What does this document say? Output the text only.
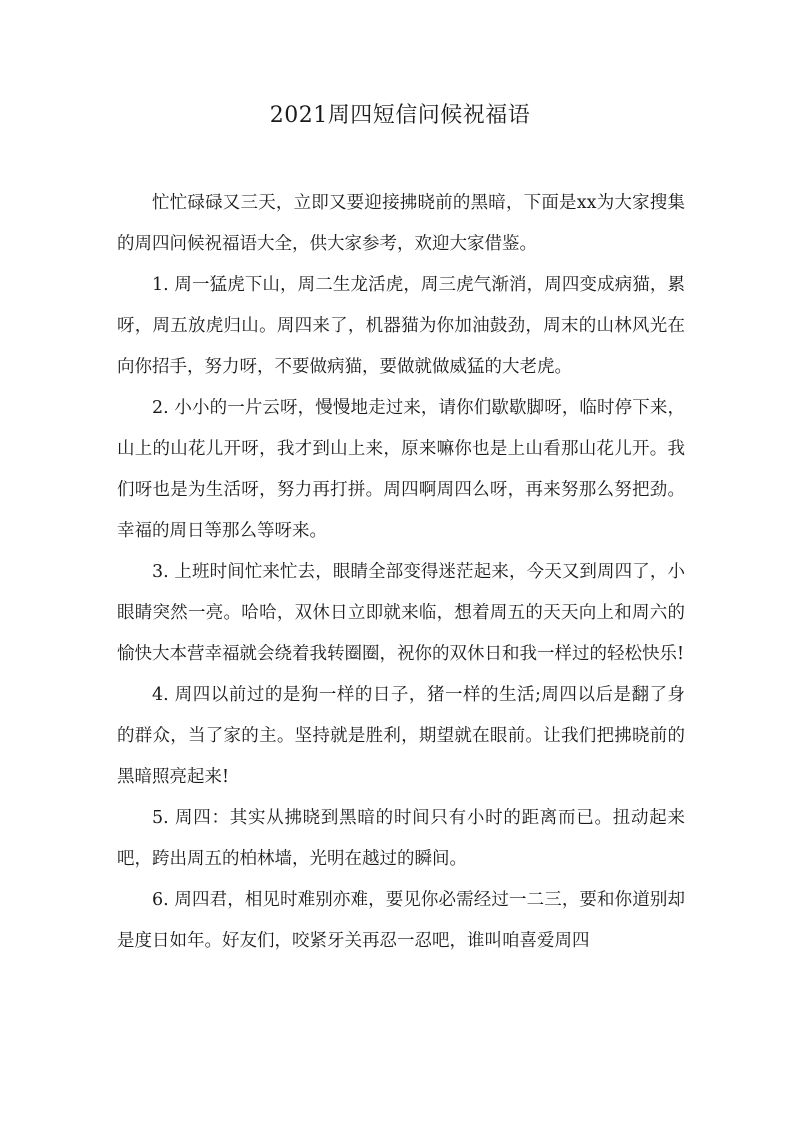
2021周四短信问候祝福语

忙忙碌碌又三天，立即又要迎接拂晓前的黑暗，下面是xx为大家搜集的周四问候祝福语大全，供大家参考，欢迎大家借鉴。

1. 周一猛虎下山，周二生龙活虎，周三虎气渐消，周四变成病猫，累呀，周五放虎归山。周四来了，机器猫为你加油鼓劲，周末的山林风光在向你招手，努力呀，不要做病猫，要做就做威猛的大老虎。

2. 小小的一片云呀，慢慢地走过来，请你们歇歇脚呀，临时停下来，山上的山花儿开呀，我才到山上来，原来嘛你也是上山看那山花儿开。我们呀也是为生活呀，努力再打拼。周四啊周四么呀，再来努那么努把劲。幸福的周日等那么等呀来。

3. 上班时间忙来忙去，眼睛全部变得迷茫起来，今天又到周四了，小眼睛突然一亮。哈哈，双休日立即就来临，想着周五的天天向上和周六的愉快大本营幸福就会绕着我转圈圈，祝你的双休日和我一样过的轻松快乐!

4. 周四以前过的是狗一样的日子，猪一样的生活;周四以后是翻了身的群众，当了家的主。坚持就是胜利，期望就在眼前。让我们把拂晓前的黑暗照亮起来!

5. 周四：其实从拂晓到黑暗的时间只有小时的距离而已。扭动起来吧，跨出周五的柏林墙，光明在越过的瞬间。

6. 周四君，相见时难别亦难，要见你必需经过一二三，要和你道别却是度日如年。好友们，咬紧牙关再忍一忍吧，谁叫咱喜爱周四
